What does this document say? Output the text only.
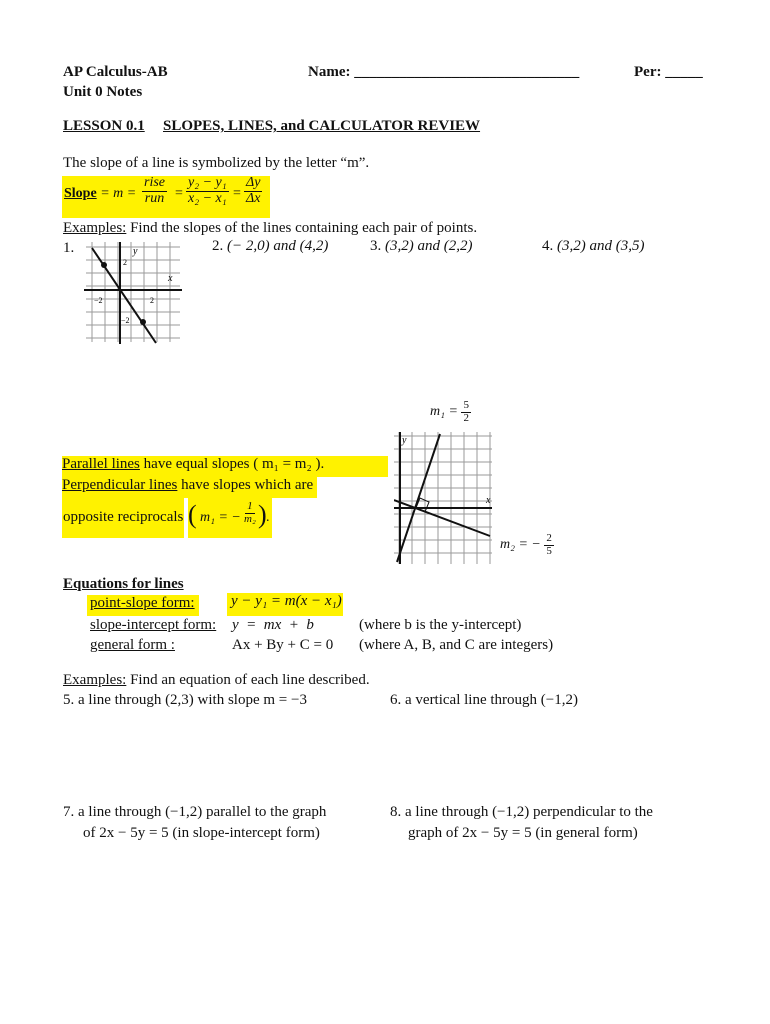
AP Calculus-AB
Unit 0 Notes
Name: ______________________________	Per: _____
LESSON 0.1 SLOPES, LINES, and CALCULATOR REVIEW
The slope of a line is symbolized by the letter “m”.
Slope = m =
rise
run = $\frac{\text{y₂ − y₁}}{\text{x₂ − x₁}} = \frac{\Delta y}{\Delta x}$
Examples: Find the slopes of the lines containing each pair of points.
1.	2. (− 2,0) and (4,2)	3. (3,2) and (2,2)	4. (3,2) and (3,5)
y
x
2
−2	2
−2
$m_1 = \frac{5}{2}$
m₂ = − $\frac{2}{5}$
y
x
Parallel lines have equal slopes ( m₁ = m₂ ).
Perpendicular lines have slopes which are
opposite reciprocals ( m₁ = − $\frac{1}{\text{m₂}}$ ) .
Equations for lines
point-slope form: y − y₁ = m(x − x₁)
slope-intercept form: y  =  mx  +  b	(where b is the y-intercept)
general form :	Ax + By + C = 0 (where A, B, and C are integers)
Examples: Find an equation of each line described.
5. a line through (2,3) with slope m = −3	6. a vertical line through (−1,2)
7. a line through (−1,2) parallel to the graph
of 2x − 5y = 5 (in slope-intercept form)
8. a line through (−1,2) perpendicular to the
graph of 2x − 5y = 5 (in general form)
